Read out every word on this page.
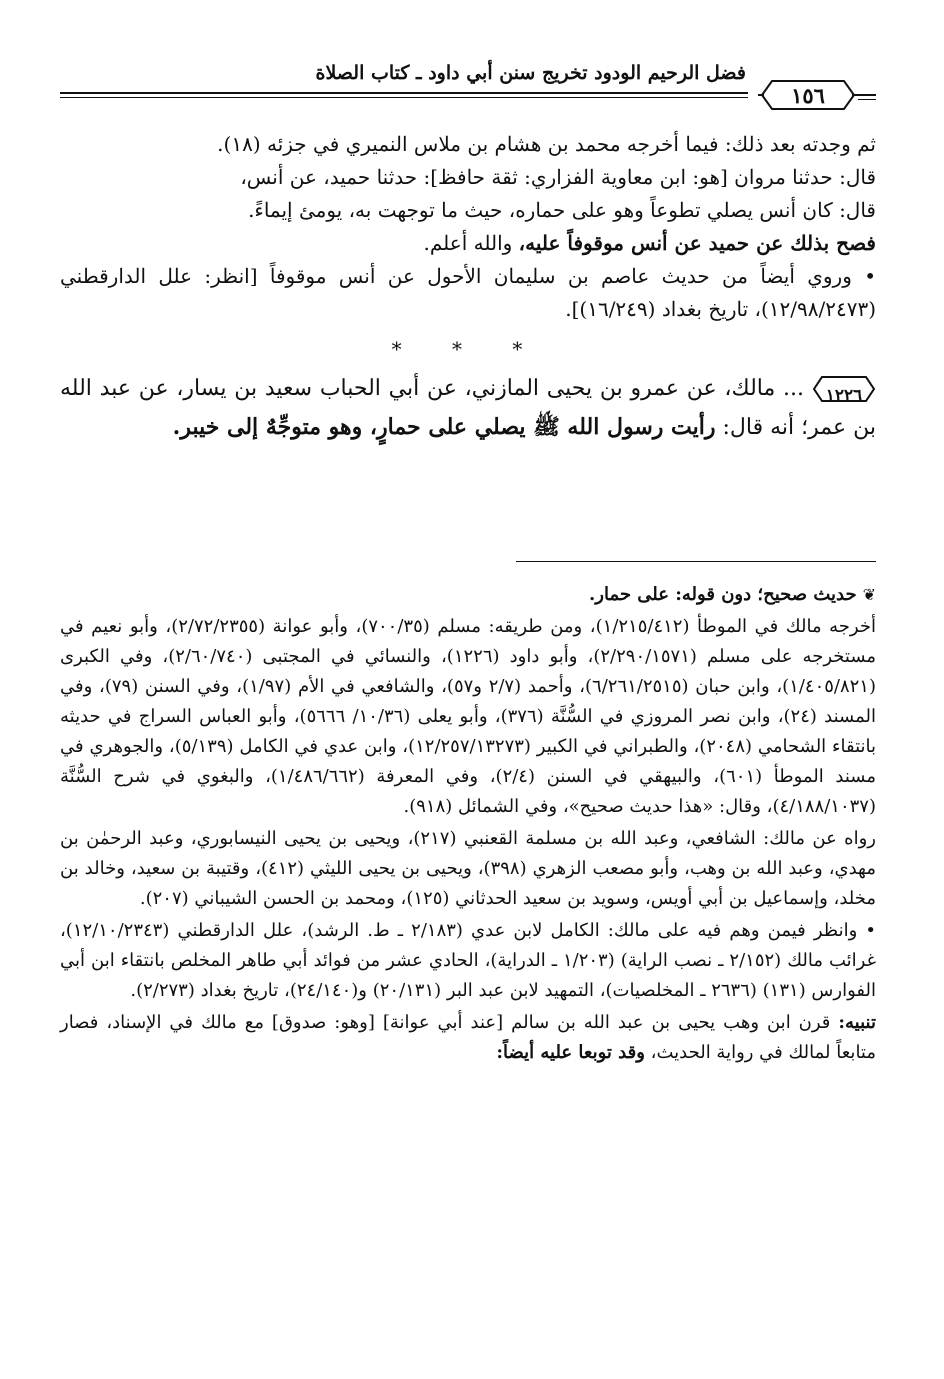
فضل الرحيم الودود تخريج سنن أبي داود ـ كتاب الصلاة
١٥٦

ثم وجدته بعد ذلك: فيما أخرجه محمد بن هشام بن ملاس النميري في جزئه (١٨).

قال: حدثنا مروان [هو: ابن معاوية الفزاري: ثقة حافظ]: حدثنا حميد، عن أنس،

قال: كان أنس يصلي تطوعاً وهو على حماره، حيث ما توجهت به، يومئ إيماءً.

فصح بذلك عن حميد عن أنس موقوفاً عليه، والله أعلم.

• وروي أيضاً من حديث عاصم بن سليمان الأحول عن أنس موقوفاً [انظر: علل الدارقطني (١٢/٩٨/٢٤٧٣)، تاريخ بغداد (١٦/٢٤٩)].

* * *

١٢٢٦
... مالك، عن عمرو بن يحيى المازني، عن أبي الحباب سعيد بن يسار، عن عبد الله بن عمر؛ أنه قال: رأيت رسول الله ﷺ يصلي على حمارٍ، وهو متوجِّهٌ إلى خيبر.

❦حديث صحيح؛ دون قوله: على حمار.

أخرجه مالك في الموطأ (١/٢١٥/٤١٢)، ومن طريقه: مسلم (٧٠٠/٣٥)، وأبو عوانة (٢/٧٢/٢٣٥٥)، وأبو نعيم في مستخرجه على مسلم (٢/٢٩٠/١٥٧١)، وأبو داود (١٢٢٦)، والنسائي في المجتبى (٢/٦٠/٧٤٠)، وفي الكبرى (١/٤٠٥/٨٢١)، وابن حبان (٦/٢٦١/٢٥١٥)، وأحمد (٢/٧ و٥٧)، والشافعي في الأم (١/٩٧)، وفي السنن (٧٩)، وفي المسند (٢٤)، وابن نصر المروزي في السُّنَّة (٣٧٦)، وأبو يعلى (١٠/٣٦/ ٥٦٦٦)، وأبو العباس السراج في حديثه بانتقاء الشحامي (٢٠٤٨)، والطبراني في الكبير (١٢/٢٥٧/١٣٢٧٣)، وابن عدي في الكامل (٥/١٣٩)، والجوهري في مسند الموطأ (٦٠١)، والبيهقي في السنن (٢/٤)، وفي المعرفة (١/٤٨٦/٦٦٢)، والبغوي في شرح السُّنَّة (٤/١٨٨/١٠٣٧)، وقال: «هذا حديث صحيح»، وفي الشمائل (٩١٨).

رواه عن مالك: الشافعي، وعبد الله بن مسلمة القعنبي (٢١٧)، ويحيى بن يحيى النيسابوري، وعبد الرحمٰن بن مهدي، وعبد الله بن وهب، وأبو مصعب الزهري (٣٩٨)، ويحيى بن يحيى الليثي (٤١٢)، وقتيبة بن سعيد، وخالد بن مخلد، وإسماعيل بن أبي أويس، وسويد بن سعيد الحدثاني (١٢٥)، ومحمد بن الحسن الشيباني (٢٠٧).

• وانظر فيمن وهم فيه على مالك: الكامل لابن عدي (٢/١٨٣ ـ ط. الرشد)، علل الدارقطني (١٢/١٠/٢٣٤٣)، غرائب مالك (٢/١٥٢ ـ نصب الراية) (١/٢٠٣ ـ الدراية)، الحادي عشر من فوائد أبي طاهر المخلص بانتقاء ابن أبي الفوارس (١٣١) (٢٦٣٦ ـ المخلصيات)، التمهيد لابن عبد البر (٢٠/١٣١) و(٢٤/١٤٠)، تاريخ بغداد (٢/٢٧٣).

تنبيه: قرن ابن وهب يحيى بن عبد الله بن سالم [عند أبي عوانة] [وهو: صدوق] مع مالك في الإسناد، فصار متابعاً لمالك في رواية الحديث، وقد توبعا عليه أيضاً:
